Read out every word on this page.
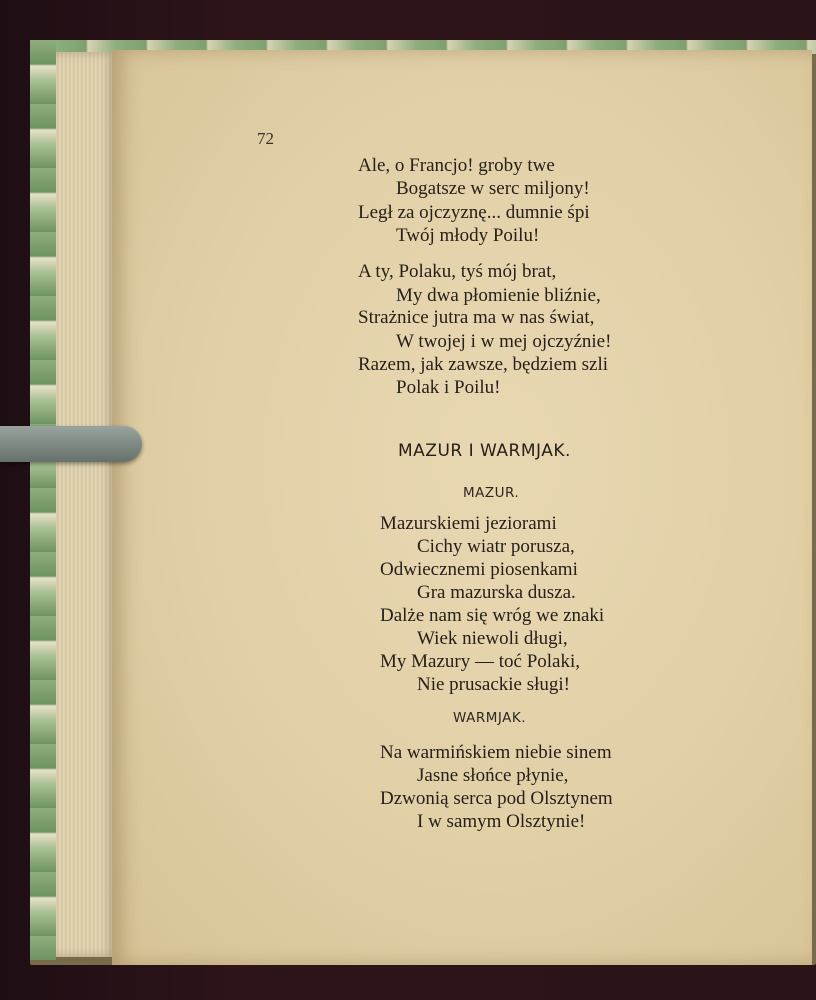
72
Ale, o Francjo! groby twe
Bogatsze w serc miljony!
Legł za ojczyznę... dumnie śpi
Twój młody Poilu!
A ty, Polaku, tyś mój brat,
My dwa płomienie bliźnie,
Strażnice jutra ma w nas świat,
W twojej i w mej ojczyźnie!
Razem, jak zawsze, będziem szli
Polak i Poilu!
MAZUR I WARMJAK.
MAZUR.
Mazurskiemi jeziorami
Cichy wiatr porusza,
Odwiecznemi piosenkami
Gra mazurska dusza.
Dalże nam się wróg we znaki
Wiek niewoli długi,
My Mazury — toć Polaki,
Nie prusackie sługi!
WARMJAK.
Na warmińskiem niebie sinem
Jasne słońce płynie,
Dzwonią serca pod Olsztynem
I w samym Olsztynie!
